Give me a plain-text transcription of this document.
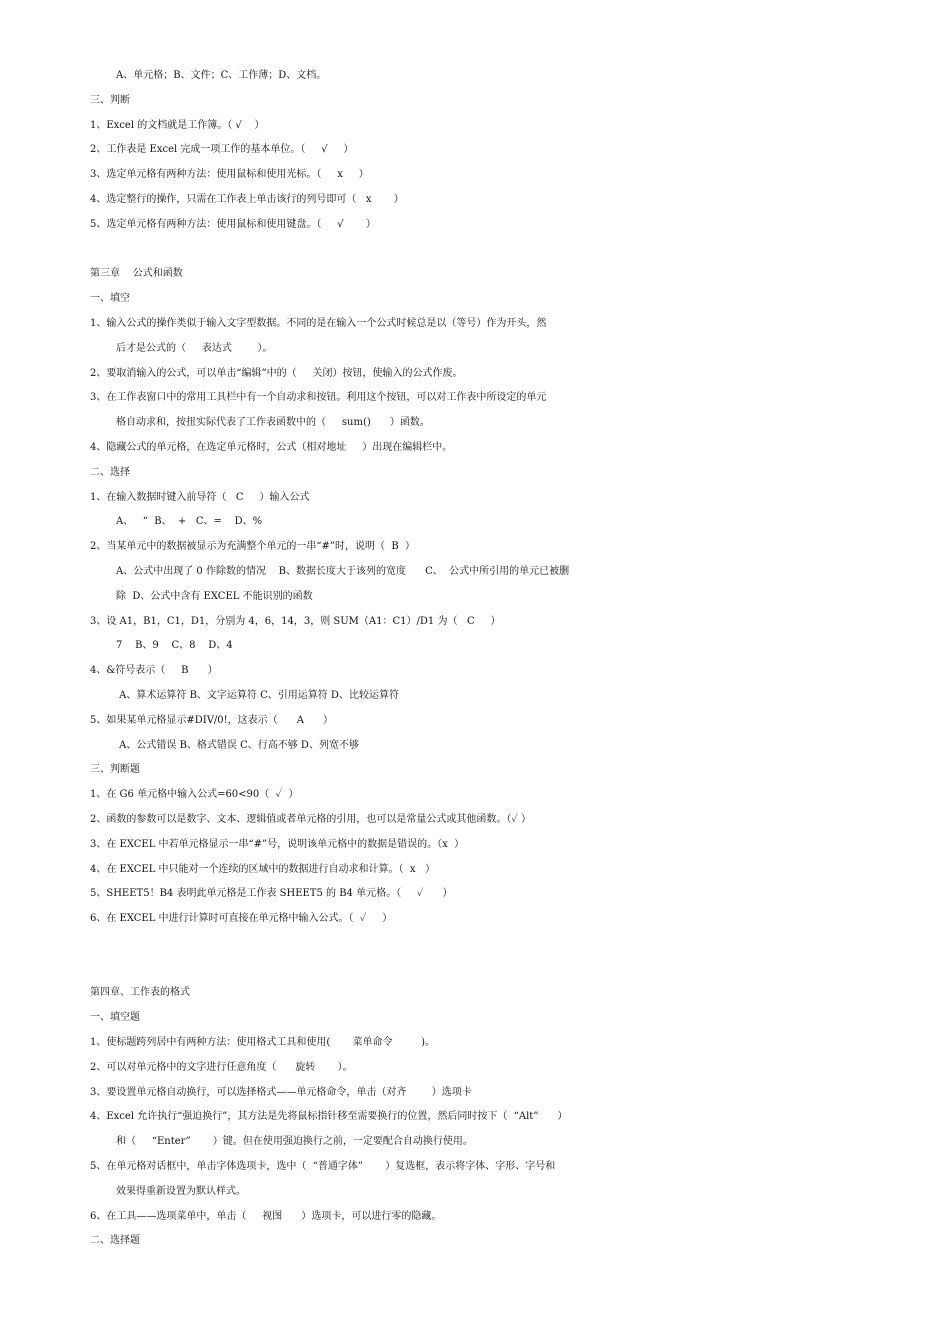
A、单元格；B、文件；C、工作薄；D、文档。

三、判断

1、Excel 的文档就是工作簿。（ √    ）

2、工作表是 Excel 完成一项工作的基本单位。（     √     ）

3、选定单元格有两种方法：使用鼠标和使用光标。（     x     ）

4、选定整行的操作，只需在工作表上单击该行的列号即可（   x       ）

5、选定单元格有两种方法：使用鼠标和使用键盘。（     √       ）

第三章    公式和函数

一、填空

1、输入公式的操作类似于输入文字型数据。不同的是在输入一个公式时候总是以（等号）作为开头，然

后才是公式的（     表达式        ）。

2、要取消输入的公式，可以单击“编辑”中的（     关闭）按钮，使输入的公式作废。

3、在工作表窗口中的常用工具栏中有一个自动求和按钮。利用这个按钮，可以对工作表中所设定的单元

格自动求和，按扭实际代表了工作表函数中的（     sum()      ）函数。

4、隐藏公式的单元格，在选定单元格时，公式（相对地址     ）出现在编辑栏中。

二、选择

1、在输入数据时键入前导符（   C     ）输入公式

A、   “  B、  +   C、=    D、%

2、当某单元中的数据被显示为充满整个单元的一串“#”时，说明（  B  ）

A、公式中出现了 0 作除数的情况    B、数据长度大于该列的宽度      C、  公式中所引用的单元已被删

除  D、公式中含有 EXCEL 不能识别的函数

3、设 A1，B1，C1，D1，分别为 4，6，14，3，则 SUM（A1：C1）/D1 为（   C     ）

7    B、9    C、8    D、4

4、&符号表示（     B      ）

A、算术运算符 B、文字运算符 C、引用运算符 D、比较运算符

5、如果某单元格显示#DIV/0!，这表示（      A      ）

A、公式错误 B、格式错误 C、行高不够 D、列宽不够

三、判断题

1、在 G6 单元格中输入公式=60<90（  ✓  ）

2、函数的参数可以是数字、文本、逻辑值或者单元格的引用，也可以是常量公式或其他函数。（✓ ）

3、在 EXCEL 中若单元格显示一串“#”号，说明该单元格中的数据是错误的。（x  ）

4、在 EXCEL 中只能对一个连续的区域中的数据进行自动求和计算。（  x   ）

5、SHEET5！B4 表明此单元格是工作表 SHEET5 的 B4 单元格。（     ✓      ）

6、在 EXCEL 中进行计算时可直接在单元格中输入公式。（  ✓     ）

第四章、工作表的格式

一、填空题

1、使标题跨列居中有两种方法：使用格式工具和使用(       菜单命令         )。

2、可以对单元格中的文字进行任意角度（      旋转       ）。

3、要设置单元格自动换行，可以选择格式——单元格命令，单击（对齐        ）选项卡

4、Excel 允许执行“强迫换行”，其方法是先将鼠标指针移至需要换行的位置，然后同时按下（  “Alt”      ）

和（     “Enter”       ）键。但在使用强迫换行之前，一定要配合自动换行使用。

5、在单元格对话框中，单击字体选项卡，选中（  “普通字体”       ）复选框，表示将字体、字形、字号和

效果得重新设置为默认样式。

6、在工具——选项菜单中，单击（     视图      ）选项卡，可以进行零的隐藏。

二、选择题
